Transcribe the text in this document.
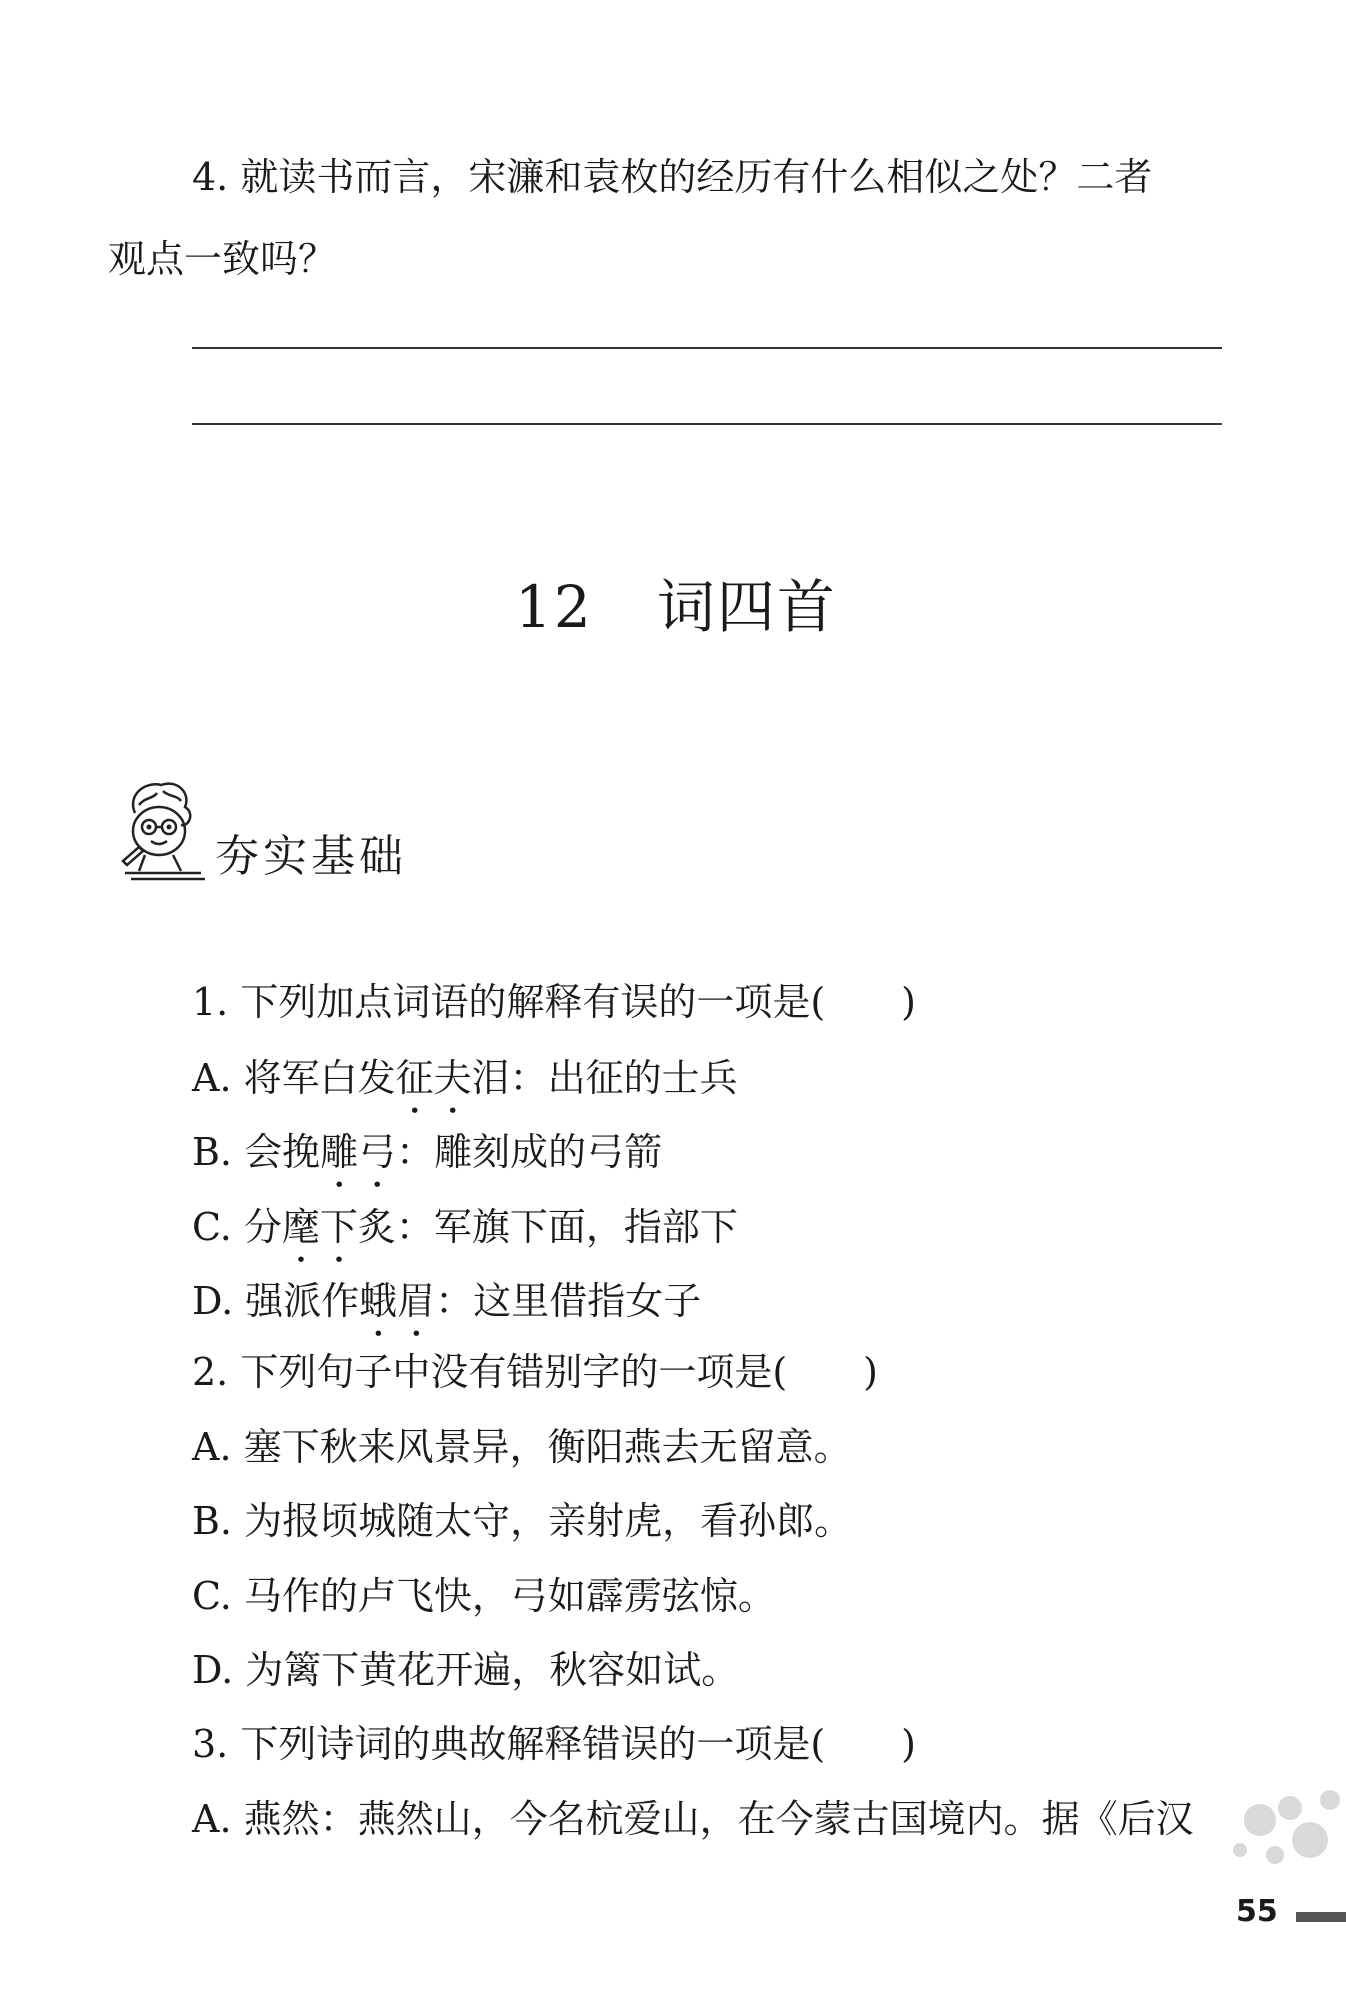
4. 就读书而言，宋濂和袁枚的经历有什么相似之处？二者
观点一致吗？
12 词四首
夯实基础
1. 下列加点词语的解释有误的一项是( )
A. 将军白发征夫泪：出征的士兵
B. 会挽雕弓：雕刻成的弓箭
C. 分麾下炙：军旗下面，指部下
D. 强派作蛾眉：这里借指女子
2. 下列句子中没有错别字的一项是( )
A. 塞下秋来风景异，衡阳燕去无留意。
B. 为报顷城随太守，亲射虎，看孙郎。
C. 马作的卢飞快，弓如霹雳弦惊。
D. 为篱下黄花开遍，秋容如试。
3. 下列诗词的典故解释错误的一项是( )
A. 燕然：燕然山，今名杭爱山，在今蒙古国境内。据《后汉
55
